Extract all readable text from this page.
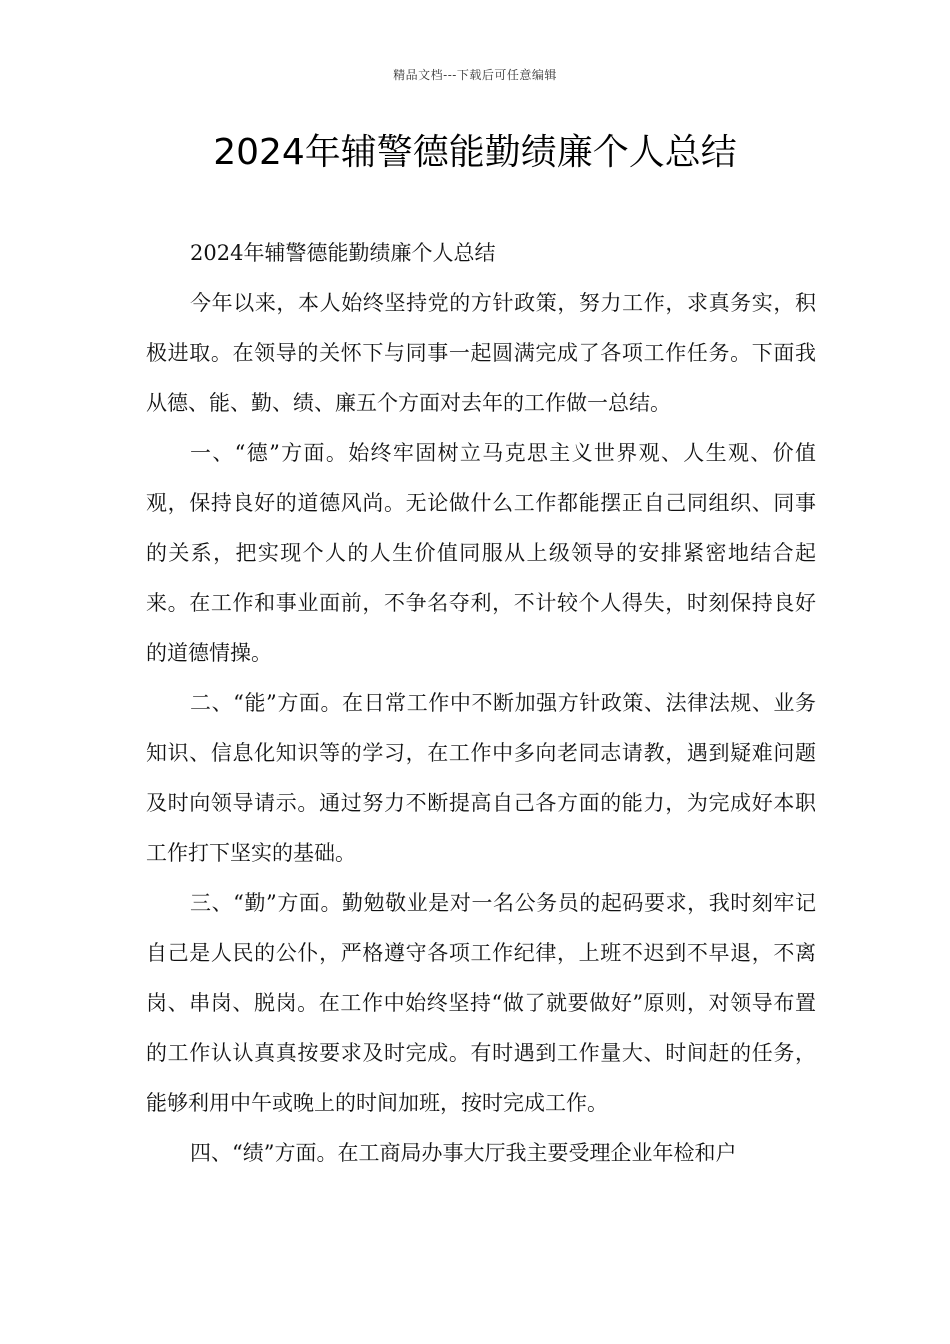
精品文档---下载后可任意编辑
2024年辅警德能勤绩廉个人总结

2024年辅警德能勤绩廉个人总结

今年以来，本人始终坚持党的方针政策，努力工作，求真务实，积极进取。在领导的关怀下与同事一起圆满完成了各项工作任务。下面我从德、能、勤、绩、廉五个方面对去年的工作做一总结。

一、“德”方面。始终牢固树立马克思主义世界观、人生观、价值观，保持良好的道德风尚。无论做什么工作都能摆正自己同组织、同事的关系，把实现个人的人生价值同服从上级领导的安排紧密地结合起来。在工作和事业面前，不争名夺利，不计较个人得失，时刻保持良好的道德情操。

二、“能”方面。在日常工作中不断加强方针政策、法律法规、业务知识、信息化知识等的学习，在工作中多向老同志请教，遇到疑难问题及时向领导请示。通过努力不断提高自己各方面的能力，为完成好本职工作打下坚实的基础。

三、“勤”方面。勤勉敬业是对一名公务员的起码要求，我时刻牢记自己是人民的公仆，严格遵守各项工作纪律，上班不迟到不早退，不离岗、串岗、脱岗。在工作中始终坚持“做了就要做好”原则，对领导布置的工作认认真真按要求及时完成。有时遇到工作量大、时间赶的任务，能够利用中午或晚上的时间加班，按时完成工作。

四、“绩”方面。在工商局办事大厅我主要受理企业年检和户
